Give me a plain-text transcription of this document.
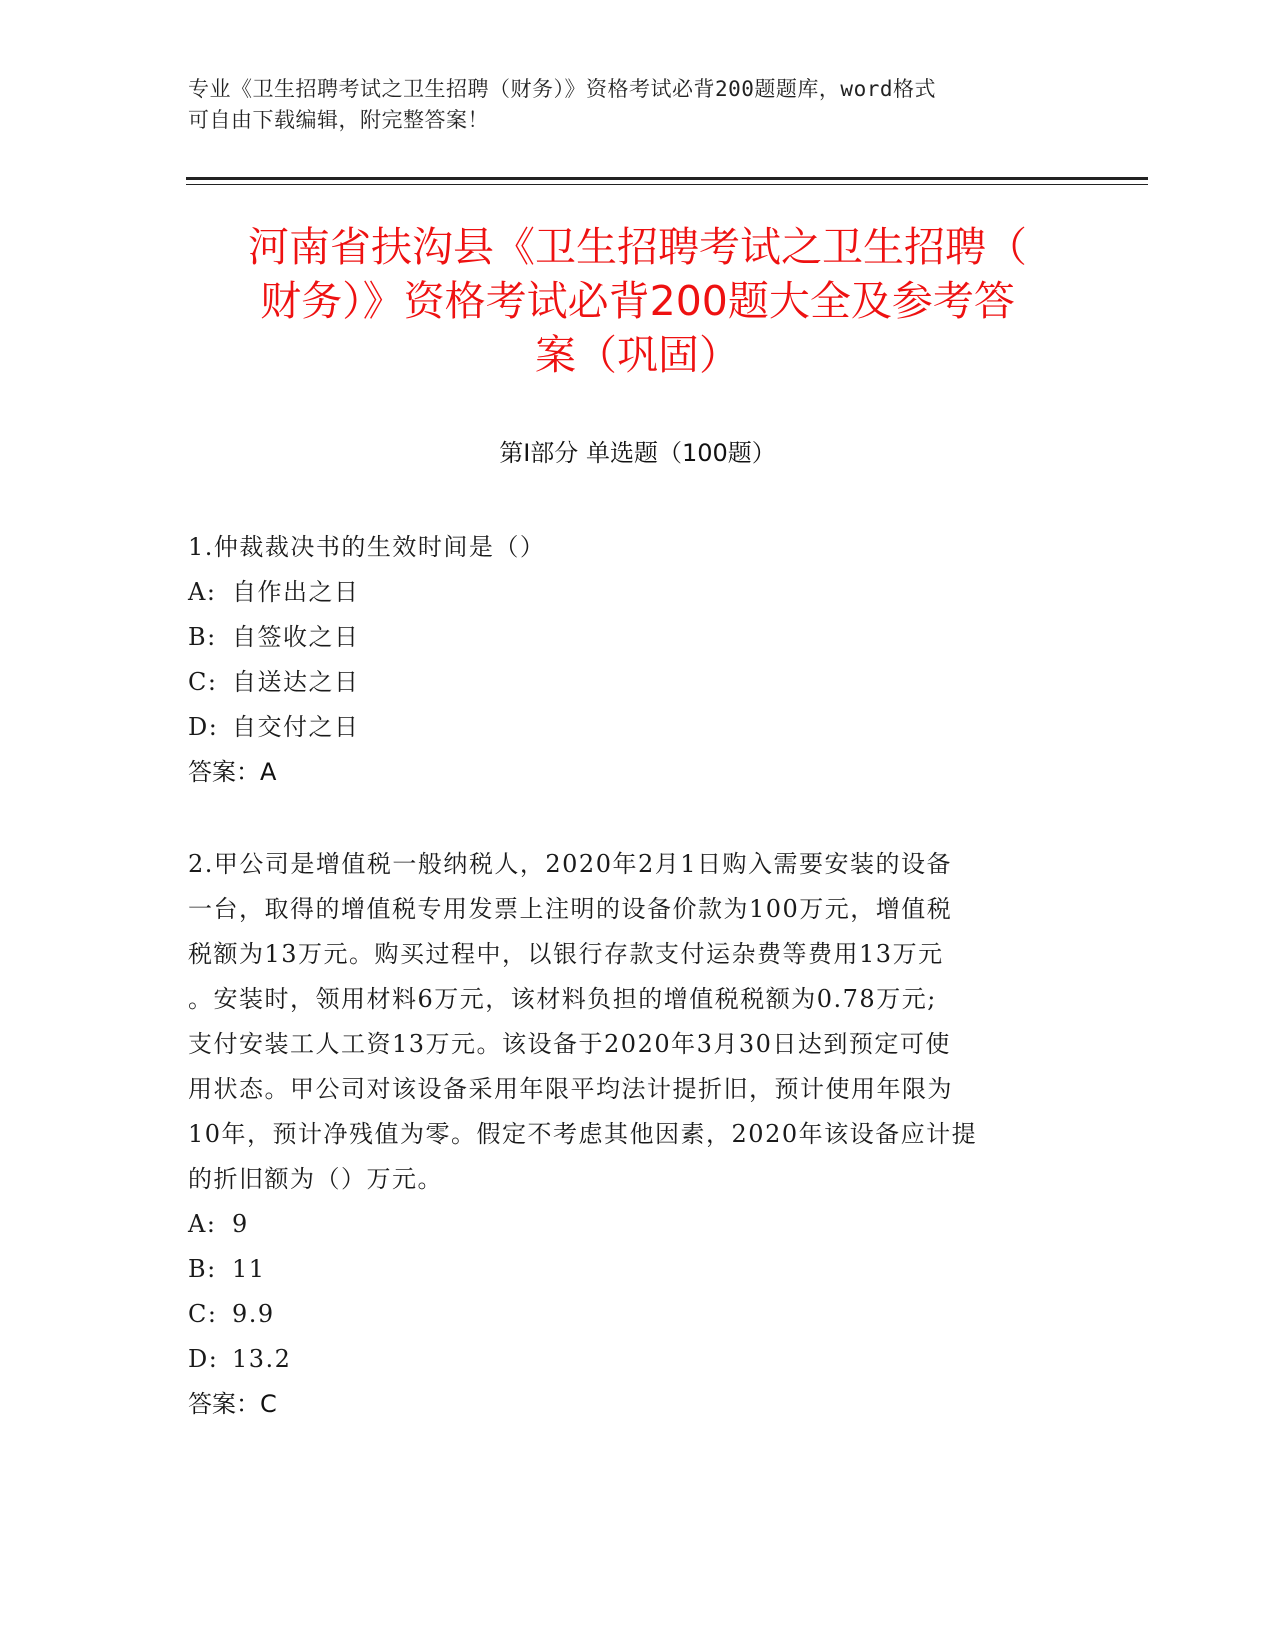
专业《卫生招聘考试之卫生招聘（财务）》资格考试必背200题题库，word格式
可自由下载编辑，附完整答案！
河南省扶沟县《卫生招聘考试之卫生招聘（
财务）》资格考试必背200题大全及参考答
案（巩固）
第Ⅰ部分 单选题（100题）

1.仲裁裁决书的生效时间是（）

A: 自作出之日

B: 自签收之日

C: 自送达之日

D: 自交付之日

答案：A

2.甲公司是增值税一般纳税人，2020年2月1日购入需要安装的设备

一台，取得的增值税专用发票上注明的设备价款为100万元，增值税

税额为13万元。购买过程中，以银行存款支付运杂费等费用13万元

。安装时，领用材料6万元，该材料负担的增值税税额为0.78万元;

支付安装工人工资13万元。该设备于2020年3月30日达到预定可使

用状态。甲公司对该设备采用年限平均法计提折旧，预计使用年限为

10年，预计净残值为零。假定不考虑其他因素，2020年该设备应计提

的折旧额为（）万元。

A: 9

B: 11

C: 9.9

D: 13.2

答案：C
